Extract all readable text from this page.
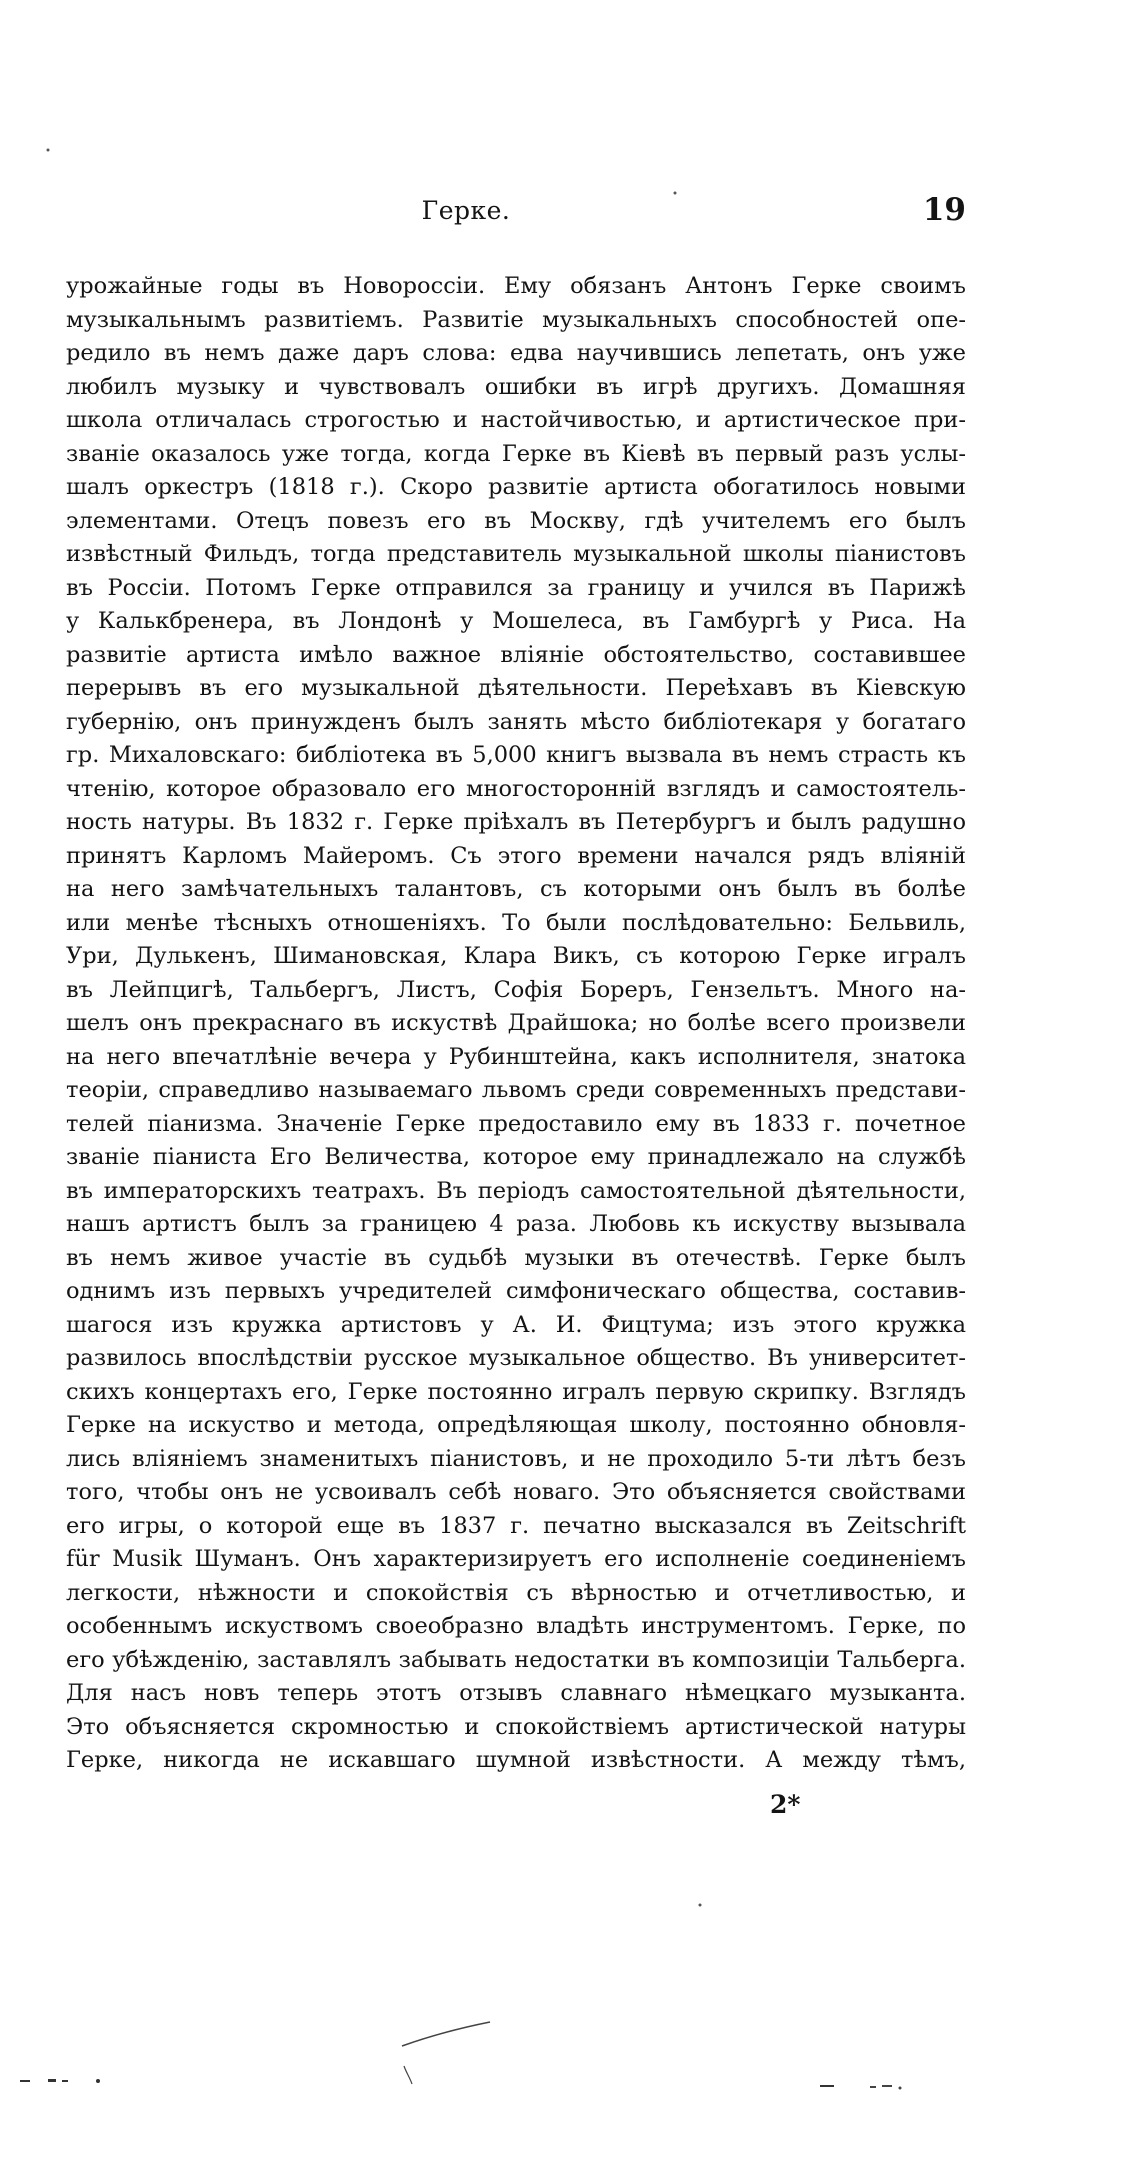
Герке.	19
урожайные годы въ Новороссiи. Ему обязанъ Антонъ Герке своимъ
музыкальнымъ развитiемъ. Развитiе музыкальныхъ способностей опе-
редило въ немъ даже даръ слова: едва научившись лепетать, онъ уже
любилъ музыку и чувствовалъ ошибки въ игрѣ другихъ. Домашняя
школа отличалась строгостью и настойчивостью, и артистическое при-
званiе оказалось уже тогда, когда Герке въ Кiевѣ въ первый разъ услы-
шалъ оркестръ (1818 г.). Скоро развитiе артиста обогатилось новыми
элементами. Отецъ повезъ его въ Москву, гдѣ учителемъ его былъ
извѣстный Фильдъ, тогда представитель музыкальной школы пiанистовъ
въ Россiи. Потомъ Герке отправился за границу и учился въ Парижѣ
у Калькбренера, въ Лондонѣ у Мошелеса, въ Гамбургѣ у Риса. На
развитiе артиста имѣло важное влiянiе обстоятельство, составившее
перерывъ въ его музыкальной дѣятельности. Переѣхавъ въ Кiевскую
губернiю, онъ принужденъ былъ занять мѣсто библiотекаря у богатаго
гр. Михаловскаго: библiотека въ 5,000 книгъ вызвала въ немъ страсть къ
чтенiю, которое образовало его многостороннiй взглядъ и самостоятель-
ность натуры. Въ 1832 г. Герке прiѣхалъ въ Петербургъ и былъ радушно
принятъ Карломъ Майеромъ. Съ этого времени начался рядъ влiянiй
на него замѣчательныхъ талантовъ, съ которыми онъ былъ въ болѣе
или менѣе тѣсныхъ отношенiяхъ. То были послѣдовательно: Бельвиль,
Ури, Дулькенъ, Шимановская, Клара Викъ, съ которою Герке игралъ
въ Лейпцигѣ, Тальбергъ, Листъ, Софiя Бореръ, Гензельтъ. Много на-
шелъ онъ прекраснаго въ искуствѣ Драйшока; но болѣе всего произвели
на него впечатлѣнiе вечера у Рубинштейна, какъ исполнителя, знатока
теорiи, справедливо называемаго львомъ среди современныхъ представи-
телей пiанизма. Значенiе Герке предоставило ему въ 1833 г. почетное
званiе пiаниста Его Величества, которое ему принадлежало на службѣ
въ императорскихъ театрахъ. Въ перiодъ самостоятельной дѣятельности,
нашъ артистъ былъ за границею 4 раза. Любовь къ искуству вызывала
въ немъ живое участiе въ судьбѣ музыки въ отечествѣ. Герке былъ
однимъ изъ первыхъ учредителей симфоническаго общества, составив-
шагося изъ кружка артистовъ у А. И. Фицтума; изъ этого кружка
развилось впослѣдствiи русское музыкальное общество. Въ университет-
скихъ концертахъ его, Герке постоянно игралъ первую скрипку. Взглядъ
Герке на искуство и метода, опредѣляющая школу, постоянно обновля-
лись влiянiемъ знаменитыхъ пiанистовъ, и не проходило 5-ти лѣтъ безъ
того, чтобы онъ не усвоивалъ себѣ новаго. Это объясняется свойствами
его игры, о которой еще въ 1837 г. печатно высказался въ Zeitschrift
für Musik Шуманъ. Онъ характеризируетъ его исполненiе соединенiемъ
легкости, нѣжности и спокойствiя съ вѣрностью и отчетливостью, и
особеннымъ искуствомъ своеобразно владѣть инструментомъ. Герке, по
его убѣжденiю, заставлялъ забывать недостатки въ композицiи Тальберга.
Для насъ новъ теперь этотъ отзывъ славнаго нѣмецкаго музыканта.
Это объясняется скромностью и спокойствiемъ артистической натуры
Герке, никогда не искавшаго шумной извѣстности. А между тѣмъ,
2*
